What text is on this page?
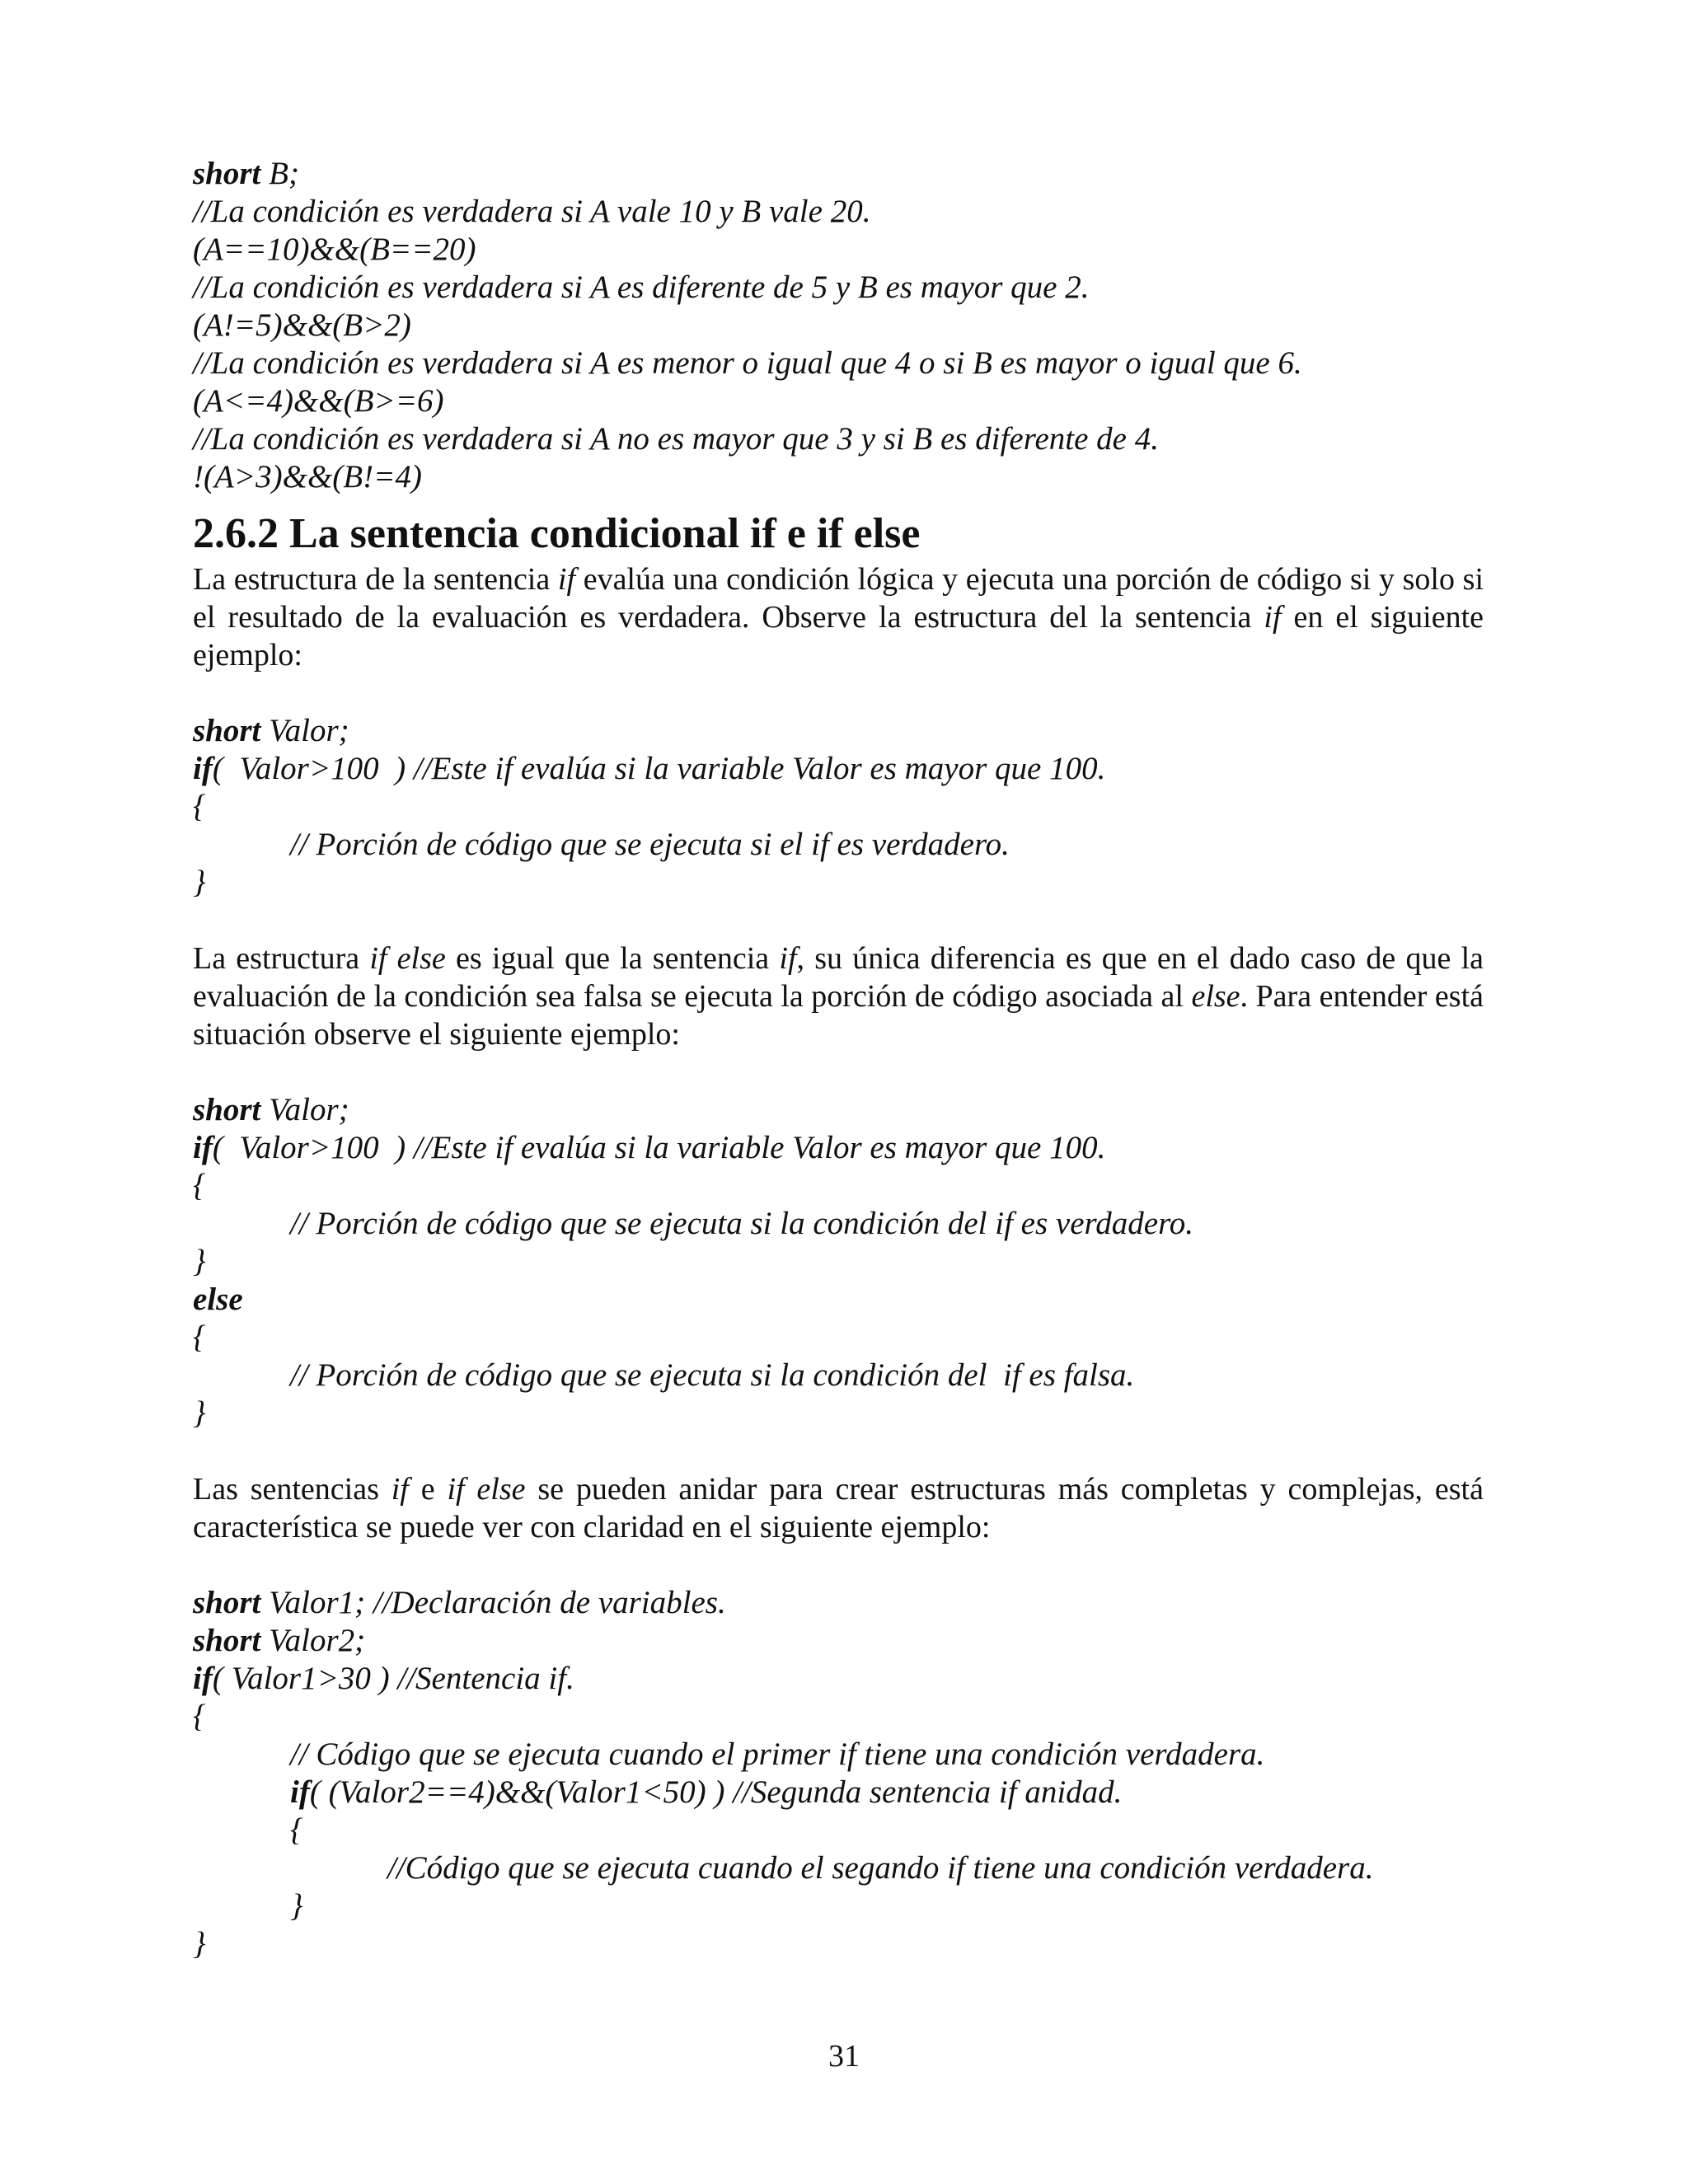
short B;

//La condición es verdadera si A vale 10 y B vale 20.

(A==10)&&(B==20)

//La condición es verdadera si A es diferente de 5 y B es mayor que 2.

(A!=5)&&(B>2)

//La condición es verdadera si A es menor o igual que 4 o si B es mayor o igual que 6.

(A<=4)&&(B>=6)

//La condición es verdadera si A no es mayor que 3 y si B es diferente de 4.

!(A>3)&&(B!=4)

2.6.2 La sentencia condicional if e if else

La estructura de la sentencia if evalúa una condición lógica y ejecuta una porción de código si y solo si el resultado de la evaluación es verdadera. Observe la estructura del la sentencia if en el siguiente ejemplo:

short Valor;

if(  Valor>100  ) //Este if evalúa si la variable Valor es mayor que 100.

{

// Porción de código que se ejecuta si el if es verdadero.

}

La estructura if else es igual que la sentencia if, su única diferencia es que en el dado caso de que la evaluación de la condición sea falsa se ejecuta la porción de código asociada al else. Para entender está situación observe el siguiente ejemplo:

short Valor;

if(  Valor>100  ) //Este if evalúa si la variable Valor es mayor que 100.

{

// Porción de código que se ejecuta si la condición del if es verdadero.

}

else

{

// Porción de código que se ejecuta si la condición del  if es falsa.

}

Las sentencias if e if else se pueden anidar para crear estructuras más completas y complejas, está característica se puede ver con claridad en el siguiente ejemplo:

short Valor1; //Declaración de variables.

short Valor2;

if( Valor1>30 ) //Sentencia if.

{

// Código que se ejecuta cuando el primer if tiene una condición verdadera.

if( (Valor2==4)&&(Valor1<50) ) //Segunda sentencia if anidad.

{

//Código que se ejecuta cuando el segando if tiene una condición verdadera.

}

}

31
